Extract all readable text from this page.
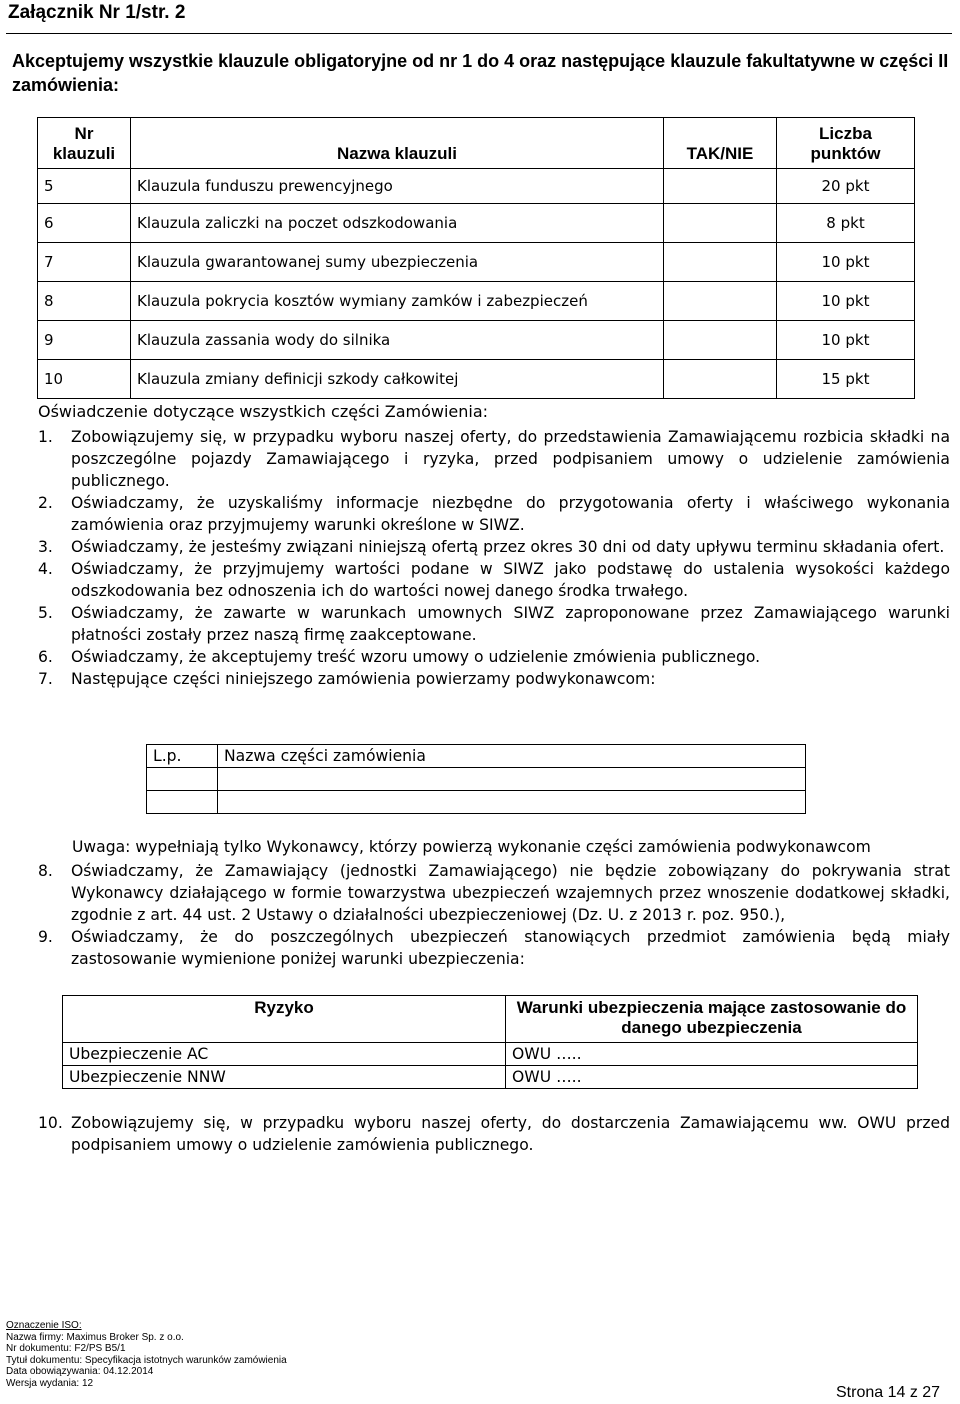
Załącznik Nr 1/str. 2
Akceptujemy wszystkie klauzule obligatoryjne od nr 1 do 4 oraz następujące klauzule fakultatywne w części II zamówienia:
Nr klauzuli	Nazwa klauzuli	TAK/NIE	Liczba punktów
5	Klauzula funduszu prewencyjnego		20 pkt
6	Klauzula zaliczki na poczet odszkodowania		8 pkt
7	Klauzula gwarantowanej sumy ubezpieczenia		10 pkt
8	Klauzula pokrycia kosztów wymiany zamków i zabezpieczeń		10 pkt
9	Klauzula zassania wody do silnika		10 pkt
10	Klauzula zmiany definicji szkody całkowitej		15 pkt
Oświadczenie dotyczące wszystkich części Zamówienia:
1. Zobowiązujemy się, w przypadku wyboru naszej oferty, do przedstawienia Zamawiającemu rozbicia składki na poszczególne pojazdy Zamawiającego i ryzyka, przed podpisaniem umowy o udzielenie zamówienia publicznego.
2. Oświadczamy, że uzyskaliśmy informacje niezbędne do przygotowania oferty i właściwego wykonania zamówienia oraz przyjmujemy warunki określone w SIWZ.
3. Oświadczamy, że jesteśmy związani niniejszą ofertą przez okres 30 dni od daty upływu terminu składania ofert.
4. Oświadczamy, że przyjmujemy wartości podane w SIWZ jako podstawę do ustalenia wysokości każdego odszkodowania bez odnoszenia ich do wartości nowej danego środka trwałego.
5. Oświadczamy, że zawarte w warunkach umownych SIWZ zaproponowane przez Zamawiającego warunki płatności zostały przez naszą firmę zaakceptowane.
6. Oświadczamy, że akceptujemy treść wzoru umowy o udzielenie zmówienia publicznego.
7. Następujące części niniejszego zamówienia powierzamy podwykonawcom:
L.p.	Nazwa części zamówienia

Uwaga: wypełniają tylko Wykonawcy, którzy powierzą wykonanie części zamówienia podwykonawcom
8. Oświadczamy, że Zamawiający (jednostki Zamawiającego) nie będzie zobowiązany do pokrywania strat Wykonawcy działającego w formie towarzystwa ubezpieczeń wzajemnych przez wnoszenie dodatkowej składki, zgodnie z art. 44 ust. 2 Ustawy o działalności ubezpieczeniowej (Dz. U. z 2013 r. poz. 950.),
9. Oświadczamy, że do poszczególnych ubezpieczeń stanowiących przedmiot zamówienia będą miały zastosowanie wymienione poniżej warunki ubezpieczenia:
Ryzyko	Warunki ubezpieczenia mające zastosowanie do danego ubezpieczenia
Ubezpieczenie AC	OWU …..
Ubezpieczenie NNW	OWU …..
10. Zobowiązujemy się, w przypadku wyboru naszej oferty, do dostarczenia Zamawiającemu ww. OWU przed podpisaniem umowy o udzielenie zamówienia publicznego.
Oznaczenie ISO:
Nazwa firmy: Maximus Broker Sp. z o.o.
Nr dokumentu: F2/PS B5/1
Tytuł dokumentu: Specyfikacja istotnych warunków zamówienia
Data obowiązywania: 04.12.2014
Wersja wydania: 12
Strona 14 z 27
